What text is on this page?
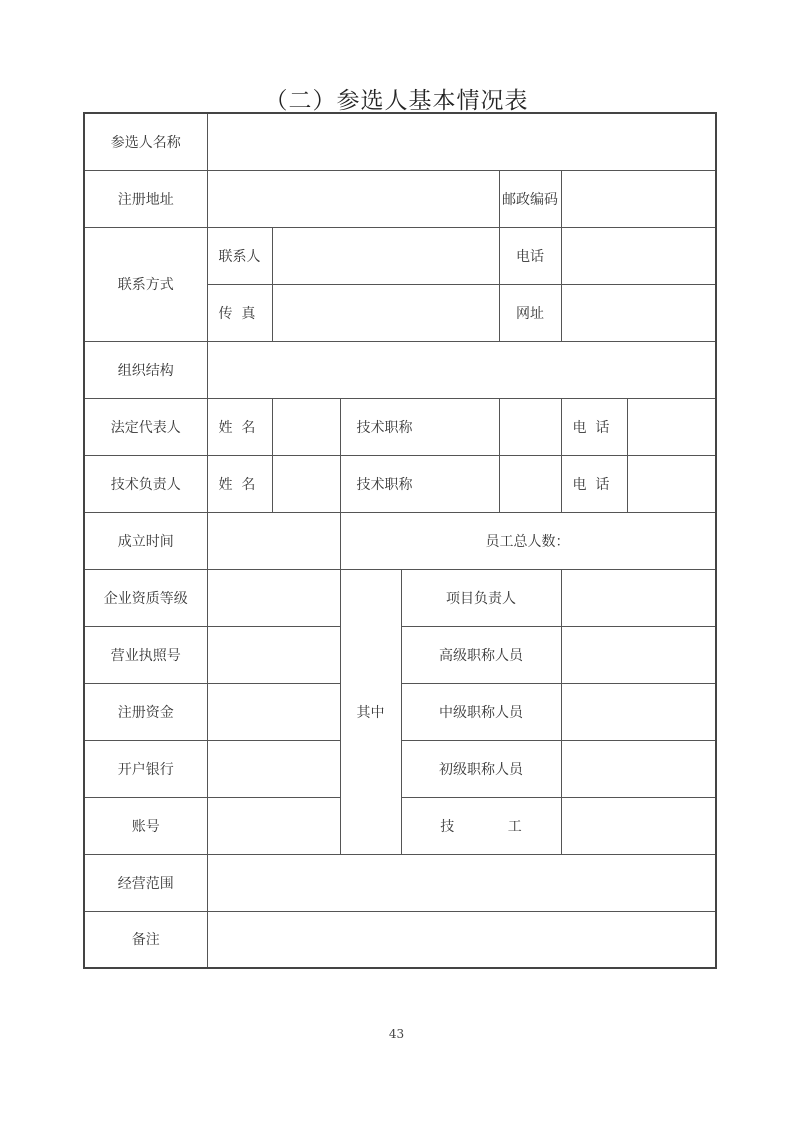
（二）参选人基本情况表
参选人名称							
注册地址					邮政编码		
联系方式	联系人				电话		
	传  真				网址		
组织结构							
法定代表人	姓  名		技术职称			电  话	
技术负责人	姓  名		技术职称			电  话	
成立时间			员工总人数：				
企业资质等级			其中	项目负责人			
营业执照号				高级职称人员			
注册资金				中级职称人员			
开户银行				初级职称人员			
账号				技            工			
经营范围							
备注							
43
